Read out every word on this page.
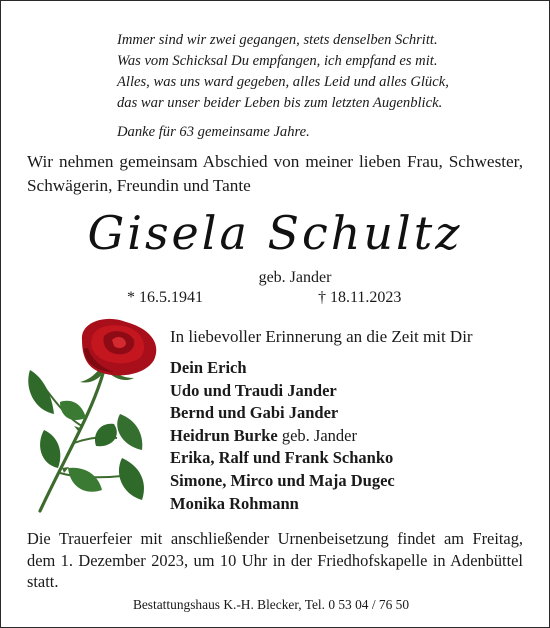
Immer sind wir zwei gegangen, stets denselben Schritt.
Was vom Schicksal Du empfangen, ich empfand es mit.
Alles, was uns ward gegeben, alles Leid und alles Glück,
das war unser beider Leben bis zum letzten Augenblick.
Danke für 63 gemeinsame Jahre.
Wir nehmen gemeinsam Abschied von meiner lieben Frau, Schwester, Schwägerin, Freundin und Tante
Gisela Schultz
geb. Jander
* 16.5.1941	† 18.11.2023
In liebevoller Erinnerung an die Zeit mit Dir
Dein Erich
Udo und Traudi Jander
Bernd und Gabi Jander
Heidrun Burke geb. Jander
Erika, Ralf und Frank Schanko
Simone, Mirco und Maja Dugec
Monika Rohmann
Die Trauerfeier mit anschließender Urnenbeisetzung findet am Freitag, dem 1. Dezember 2023, um 10 Uhr in der Friedhofskapelle in Adenbüttel statt.
Bestattungshaus K.-H. Blecker, Tel. 0 53 04 / 76 50
